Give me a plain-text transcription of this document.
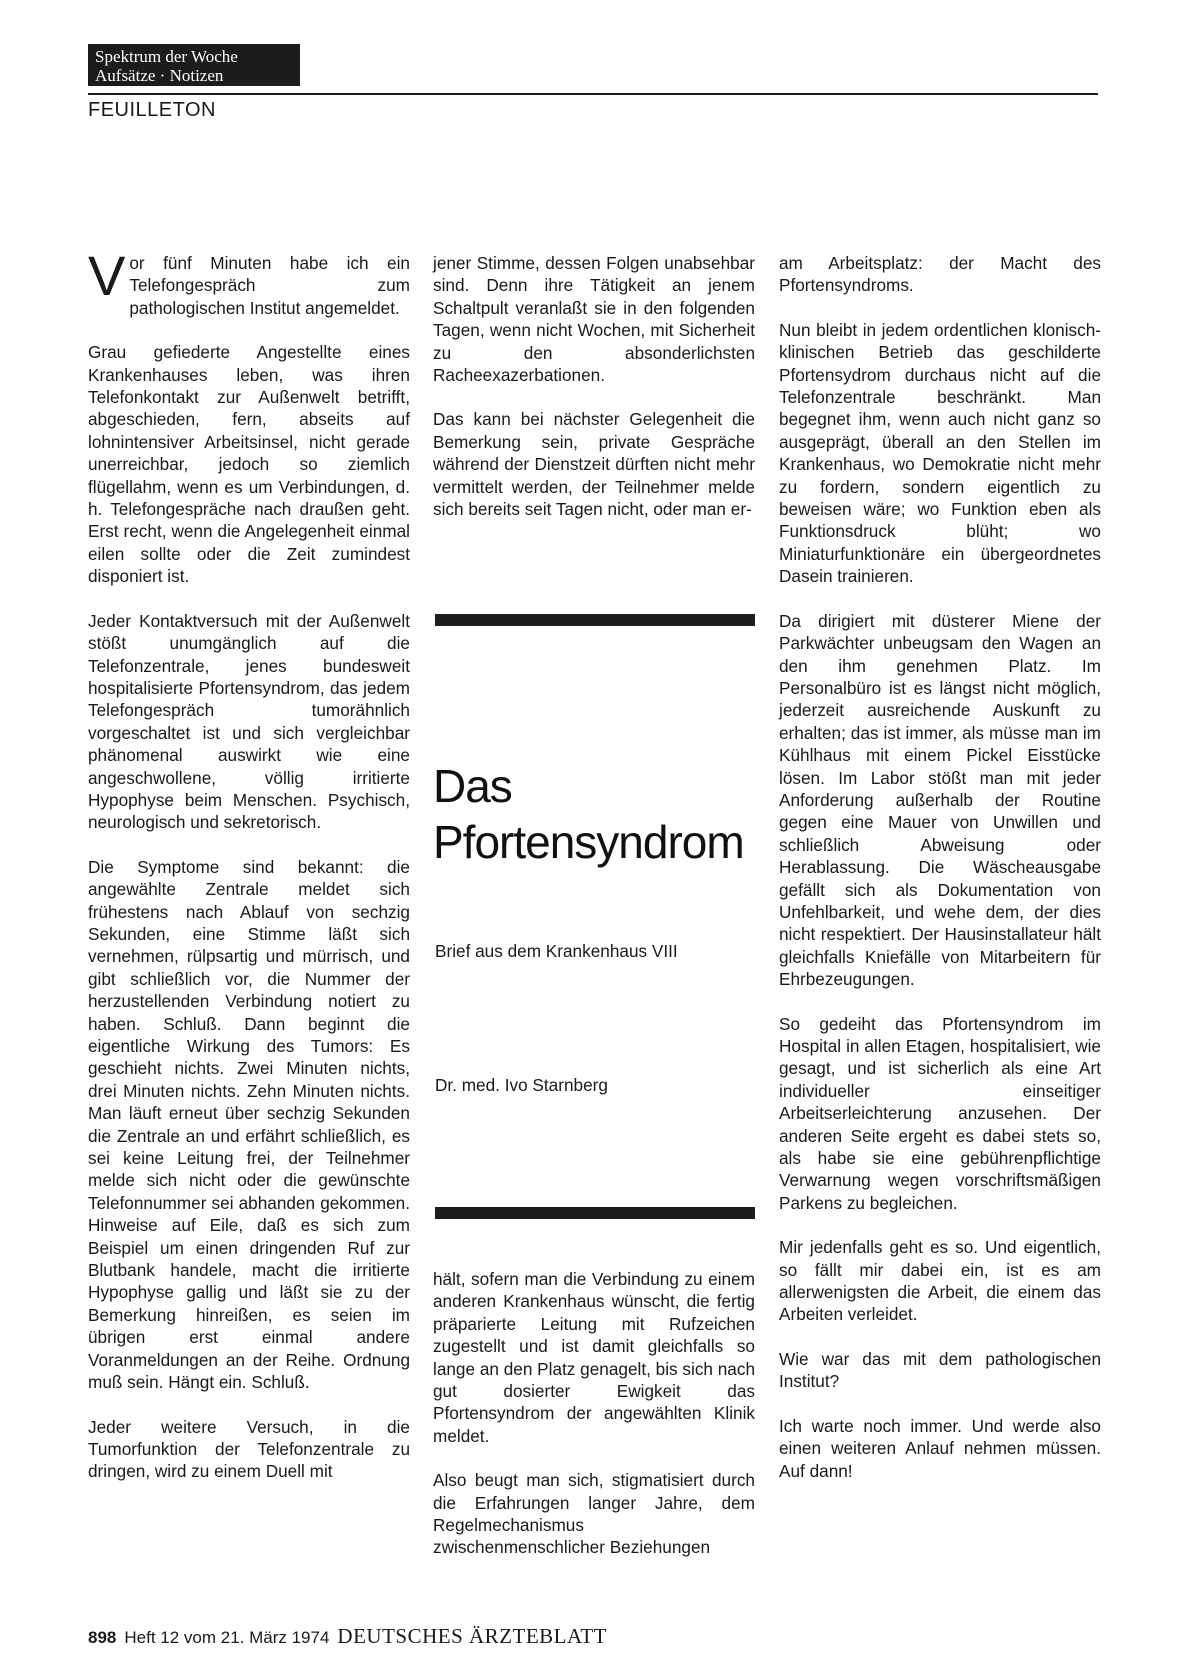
Spektrum der Woche
Aufsätze · Notizen
FEUILLETON

Vor fünf Minuten habe ich ein Telefongespräch zum pathologischen Institut angemeldet.

Grau gefiederte Angestellte eines Krankenhauses leben, was ihren Telefonkontakt zur Außenwelt betrifft, abgeschieden, fern, abseits auf lohnintensiver Arbeitsinsel, nicht gerade unerreichbar, jedoch so ziemlich flügellahm, wenn es um Verbindungen, d. h. Telefongespräche nach draußen geht. Erst recht, wenn die Angelegenheit einmal eilen sollte oder die Zeit zumindest disponiert ist.

Jeder Kontaktversuch mit der Außenwelt stößt unumgänglich auf die Telefonzentrale, jenes bundesweit hospitalisierte Pfortensyndrom, das jedem Telefongespräch tumorähnlich vorgeschaltet ist und sich vergleichbar phänomenal auswirkt wie eine angeschwollene, völlig irritierte Hypophyse beim Menschen. Psychisch, neurologisch und sekretorisch.

Die Symptome sind bekannt: die angewählte Zentrale meldet sich frühestens nach Ablauf von sechzig Sekunden, eine Stimme läßt sich vernehmen, rülpsartig und mürrisch, und gibt schließlich vor, die Nummer der herzustellenden Verbindung notiert zu haben. Schluß. Dann beginnt die eigentliche Wirkung des Tumors: Es geschieht nichts. Zwei Minuten nichts, drei Minuten nichts. Zehn Minuten nichts. Man läuft erneut über sechzig Sekunden die Zentrale an und erfährt schließlich, es sei keine Leitung frei, der Teilnehmer melde sich nicht oder die gewünschte Telefonnummer sei abhanden gekommen. Hinweise auf Eile, daß es sich zum Beispiel um einen dringenden Ruf zur Blutbank handele, macht die irritierte Hypophyse gallig und läßt sie zu der Bemerkung hinreißen, es seien im übrigen erst einmal andere Voranmeldungen an der Reihe. Ordnung muß sein. Hängt ein. Schluß.

Jeder weitere Versuch, in die Tumorfunktion der Telefonzentrale zu dringen, wird zu einem Duell mit

jener Stimme, dessen Folgen unabsehbar sind. Denn ihre Tätigkeit an jenem Schaltpult veranlaßt sie in den folgenden Tagen, wenn nicht Wochen, mit Sicherheit zu den absonderlichsten Racheexazerbationen.

Das kann bei nächster Gelegenheit die Bemerkung sein, private Gespräche während der Dienstzeit dürften nicht mehr vermittelt werden, der Teilnehmer melde sich bereits seit Tagen nicht, oder man er-

Das
Pfortensyndrom
Brief aus dem Krankenhaus VIII
Dr. med. Ivo Starnberg

hält, sofern man die Verbindung zu einem anderen Krankenhaus wünscht, die fertig präparierte Leitung mit Rufzeichen zugestellt und ist damit gleichfalls so lange an den Platz genagelt, bis sich nach gut dosierter Ewigkeit das Pfortensyndrom der angewählten Klinik meldet.

Also beugt man sich, stigmatisiert durch die Erfahrungen langer Jahre, dem Regelmechanismus zwischenmenschlicher Beziehungen

am Arbeitsplatz: der Macht des Pfortensyndroms.

Nun bleibt in jedem ordentlichen klonisch-klinischen Betrieb das geschilderte Pfortensydrom durchaus nicht auf die Telefonzentrale beschränkt. Man begegnet ihm, wenn auch nicht ganz so ausgeprägt, überall an den Stellen im Krankenhaus, wo Demokratie nicht mehr zu fordern, sondern eigentlich zu beweisen wäre; wo Funktion eben als Funktionsdruck blüht; wo Miniaturfunktionäre ein übergeordnetes Dasein trainieren.

Da dirigiert mit düsterer Miene der Parkwächter unbeugsam den Wagen an den ihm genehmen Platz. Im Personalbüro ist es längst nicht möglich, jederzeit ausreichende Auskunft zu erhalten; das ist immer, als müsse man im Kühlhaus mit einem Pickel Eisstücke lösen. Im Labor stößt man mit jeder Anforderung außerhalb der Routine gegen eine Mauer von Unwillen und schließlich Abweisung oder Herablassung. Die Wäscheausgabe gefällt sich als Dokumentation von Unfehlbarkeit, und wehe dem, der dies nicht respektiert. Der Hausinstallateur hält gleichfalls Kniefälle von Mitarbeitern für Ehrbezeugungen.

So gedeiht das Pfortensyndrom im Hospital in allen Etagen, hospitalisiert, wie gesagt, und ist sicherlich als eine Art individueller einseitiger Arbeitserleichterung anzusehen. Der anderen Seite ergeht es dabei stets so, als habe sie eine gebührenpflichtige Verwarnung wegen vorschriftsmäßigen Parkens zu begleichen.

Mir jedenfalls geht es so. Und eigentlich, so fällt mir dabei ein, ist es am allerwenigsten die Arbeit, die einem das Arbeiten verleidet.

Wie war das mit dem pathologischen Institut?

Ich warte noch immer. Und werde also einen weiteren Anlauf nehmen müssen. Auf dann!

898 Heft 12 vom 21. März 1974 DEUTSCHES ÄRZTEBLATT
